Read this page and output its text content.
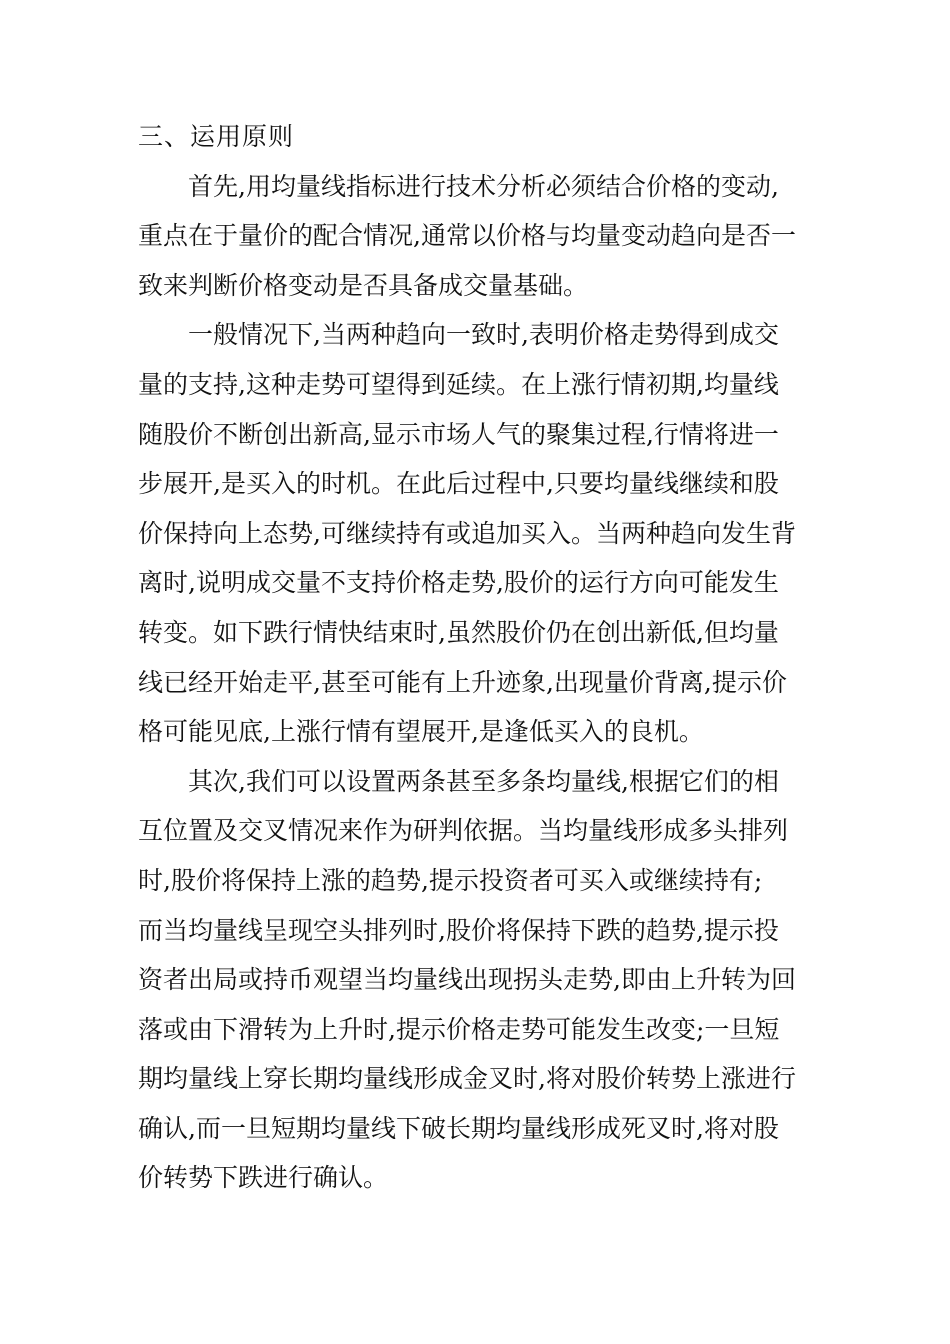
三、运用原则
首先,用均量线指标进行技术分析必须结合价格的变动,
重点在于量价的配合情况,通常以价格与均量变动趋向是否一
致来判断价格变动是否具备成交量基础。
一般情况下,当两种趋向一致时,表明价格走势得到成交
量的支持,这种走势可望得到延续。在上涨行情初期,均量线
随股价不断创出新高,显示市场人气的聚集过程,行情将进一
步展开,是买入的时机。在此后过程中,只要均量线继续和股
价保持向上态势,可继续持有或追加买入。当两种趋向发生背
离时,说明成交量不支持价格走势,股价的运行方向可能发生
转变。如下跌行情快结束时,虽然股价仍在创出新低,但均量
线已经开始走平,甚至可能有上升迹象,出现量价背离,提示价
格可能见底,上涨行情有望展开,是逢低买入的良机。
其次,我们可以设置两条甚至多条均量线,根据它们的相
互位置及交叉情况来作为研判依据。当均量线形成多头排列
时,股价将保持上涨的趋势,提示投资者可买入或继续持有;
而当均量线呈现空头排列时,股价将保持下跌的趋势,提示投
资者出局或持币观望当均量线出现拐头走势,即由上升转为回
落或由下滑转为上升时,提示价格走势可能发生改变;一旦短
期均量线上穿长期均量线形成金叉时,将对股价转势上涨进行
确认,而一旦短期均量线下破长期均量线形成死叉时,将对股
价转势下跌进行确认。
